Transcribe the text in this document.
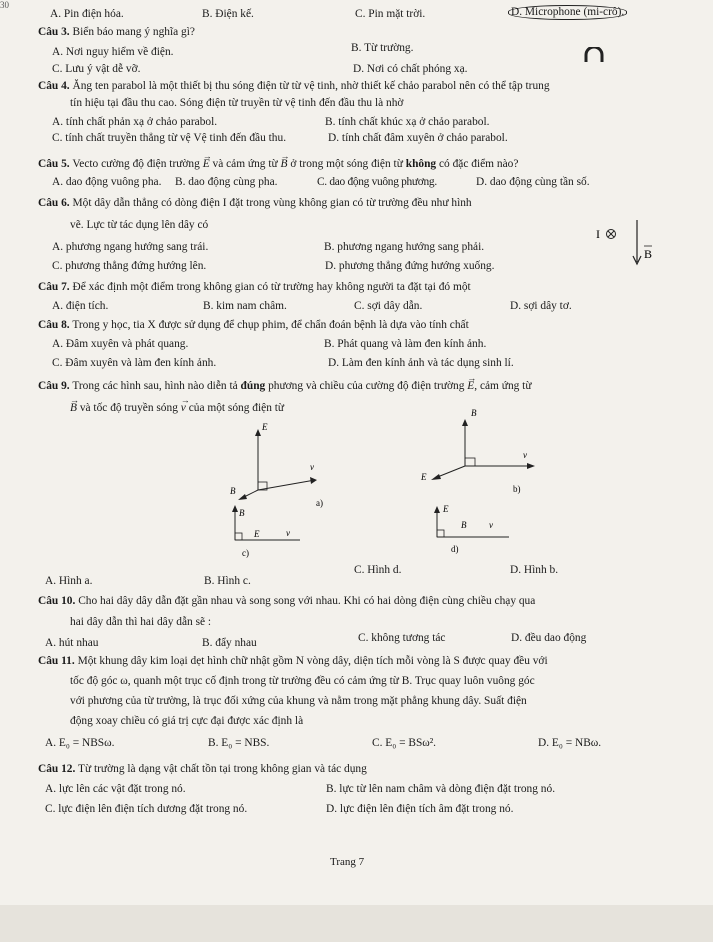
30
A. Pin điện hóa.	B. Điện kế.	C. Pin mặt trời.	D. Microphone (mi-crô).
Câu 3. Biển báo mang ý nghĩa gì?
A. Nơi nguy hiểm về điện.	B. Từ trường.
C. Lưu ý vật dễ vỡ.	D. Nơi có chất phóng xạ.
Câu 4. Ăng ten parabol là một thiết bị thu sóng điện từ từ vệ tinh, nhờ thiết kế chảo parabol nên có thể tập trung
tín hiệu tại đầu thu cao. Sóng điện từ truyền từ vệ tinh đến đầu thu là nhờ
A. tính chất phản xạ ở chảo parabol.	B. tính chất khúc xạ ở chảo parabol.
C. tính chất truyền thẳng từ vệ Vệ tinh đến đầu thu.	D. tính chất đâm xuyên ở chảo parabol.
Câu 5. Vecto cường độ điện trường E
→
và cảm ứng từ B
→
ở trong một sóng điện từ không có đặc điểm nào?
A. dao động vuông pha. B. dao động cùng pha.	C. dao động vuông phương.	D. dao động cùng tần số.
Câu 6. Một dây dẫn thẳng có dòng điện I đặt trong vùng không gian có từ trường đều như hình
vẽ. Lực từ tác dụng lên dây có
A. phương ngang hướng sang trái.	B. phương ngang hướng sang phải.
C. phương thẳng đứng hướng lên.	D. phương thẳng đứng hướng xuống.
I
B
Câu 7. Để xác định một điểm trong không gian có từ trường hay không người ta đặt tại đó một
A. điện tích.	B. kim nam châm.	C. sợi dây dẫn.	D. sợi dây tơ.
Câu 8. Trong y học, tia X được sử dụng để chụp phim, để chẩn đoán bệnh là dựa vào tính chất
A. Đâm xuyên và phát quang.	B. Phát quang và làm đen kính ảnh.
C. Đâm xuyên và làm đen kính ảnh.	D. Làm đen kính ảnh và tác dụng sinh lí.
Câu 9. Trong các hình sau, hình nào diễn tả đúng phương và chiều của cường độ điện trường E
→
, cảm ứng từ
B
→
và tốc độ truyền sóng v
→
của một sóng điện từ
E
v
B
a)
B
v
E
b)
B
E	v
c)
E
B	v
d)
A. Hình a.	B. Hình c.
C. Hình d.	D. Hình b.
Câu 10. Cho hai dây dây dẫn đặt gần nhau và song song với nhau. Khi có hai dòng điện cùng chiều chạy qua
hai dây dẫn thì hai dây dẫn sẽ :
A. hút nhau	B. đẩy nhau	C. không tương tác	D. đều dao động
Câu 11. Một khung dây kim loại dẹt hình chữ nhật gồm N vòng dây, diện tích mỗi vòng là S được quay đều với
tốc độ góc ω, quanh một trục cố định trong từ trường đều có cảm ứng từ B. Trục quay luôn vuông góc
với phương của từ trường, là trục đối xứng của khung và nằm trong mặt phẳng khung dây. Suất điện
động xoay chiều có giá trị cực đại được xác định là
A. E₀ = NBSω.	B. E₀ = NBS.	C. E₀ = BSω².	D. E₀ = NBω.
Câu 12. Từ trường là dạng vật chất tồn tại trong không gian và tác dụng
A. lực lên các vật đặt trong nó.	B. lực từ lên nam châm và dòng điện đặt trong nó.
C. lực điện lên điện tích dương đặt trong nó.	D. lực điện lên điện tích âm đặt trong nó.
Trang 7
